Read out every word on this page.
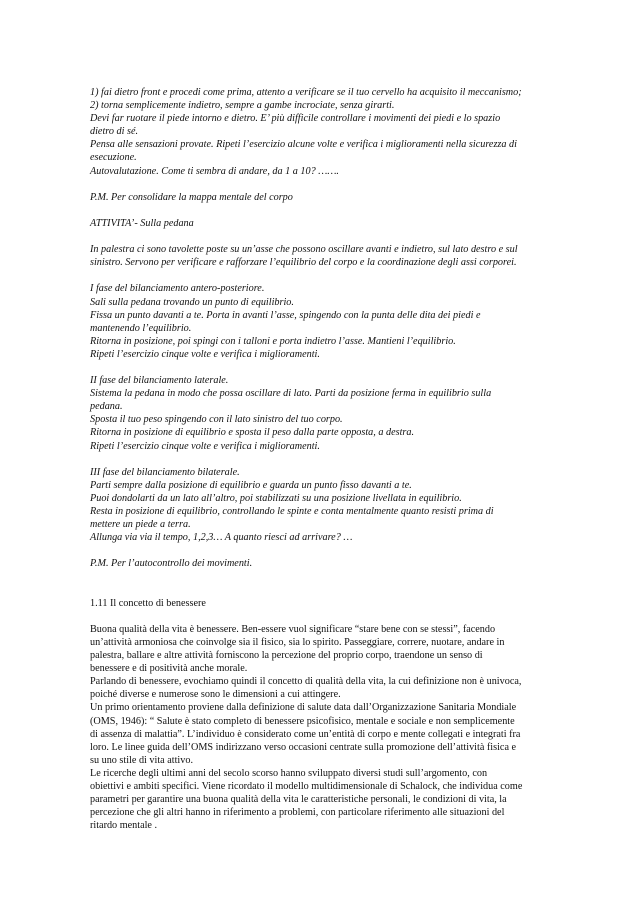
1) fai dietro front e procedi come prima, attento a verificare se il tuo cervello ha acquisito il meccanismo;
2) torna semplicemente indietro, sempre a gambe incrociate, senza girarti.
Devi far ruotare il piede intorno e dietro. E’ più difficile controllare i movimenti dei piedi e lo spazio
dietro di sé.
Pensa alle sensazioni provate. Ripeti l’esercizio alcune volte e verifica i miglioramenti nella sicurezza di
esecuzione.
Autovalutazione. Come ti sembra di andare, da 1 a 10? …….
P.M. Per consolidare la mappa mentale del corpo
ATTIVITA’- Sulla pedana
In palestra ci sono tavolette poste su un’asse che possono oscillare avanti e indietro, sul lato destro e sul
sinistro. Servono per verificare e rafforzare l’equilibrio del corpo e la coordinazione degli assi corporei.
I fase del bilanciamento antero-posteriore.
Sali sulla pedana trovando un punto di equilibrio.
Fissa un punto davanti a te. Porta in avanti l’asse, spingendo con la punta delle dita dei piedi e
mantenendo l’equilibrio.
Ritorna in posizione, poi spingi con i talloni e porta indietro l’asse. Mantieni l’equilibrio.
Ripeti l’esercizio cinque volte e verifica i miglioramenti.
II fase del bilanciamento laterale.
Sistema la pedana in modo che possa oscillare di lato. Parti da posizione ferma in equilibrio sulla
pedana.
Sposta il tuo peso spingendo con il lato sinistro del tuo corpo.
Ritorna in posizione di equilibrio e sposta il peso dalla parte opposta, a destra.
Ripeti l’esercizio cinque volte e verifica i miglioramenti.
III fase del bilanciamento bilaterale.
Parti sempre dalla posizione di equilibrio e guarda un punto fisso davanti a te.
Puoi dondolarti da un lato all’altro, poi stabilizzati su una posizione livellata in equilibrio.
Resta in posizione di equilibrio, controllando le spinte e conta mentalmente quanto resisti prima di
mettere un piede a terra.
Allunga via via il tempo, 1,2,3… A quanto riesci ad arrivare? …
P.M. Per l’autocontrollo dei movimenti.
1.11 Il concetto di benessere
Buona qualità della vita è benessere. Ben-essere vuol significare “stare bene con se stessi”, facendo
un’attività armoniosa che coinvolge sia il fisico, sia lo spirito. Passeggiare, correre, nuotare, andare in
palestra, ballare e altre attività forniscono la percezione del proprio corpo, traendone un senso di
benessere e di positività anche morale.
Parlando di benessere, evochiamo quindi il concetto di qualità della vita, la cui definizione non è univoca,
poiché diverse e numerose sono le dimensioni a cui attingere.
Un primo orientamento proviene dalla definizione di salute data dall’Organizzazione Sanitaria Mondiale
(OMS, 1946): “ Salute è stato completo di benessere psicofisico, mentale e sociale e non semplicemente
di assenza di malattia”. L’individuo è considerato come un’entità di corpo e mente collegati e integrati fra
loro. Le linee guida dell’OMS indirizzano verso occasioni centrate sulla promozione dell’attività fisica e
su uno stile di vita attivo.
Le ricerche degli ultimi anni del secolo scorso hanno sviluppato diversi studi sull’argomento, con
obiettivi e ambiti specifici. Viene ricordato il modello multidimensionale di Schalock, che individua come
parametri per garantire una buona qualità della vita le caratteristiche personali, le condizioni di vita, la
percezione che gli altri hanno in riferimento a problemi, con particolare riferimento alle situazioni del
ritardo mentale .
